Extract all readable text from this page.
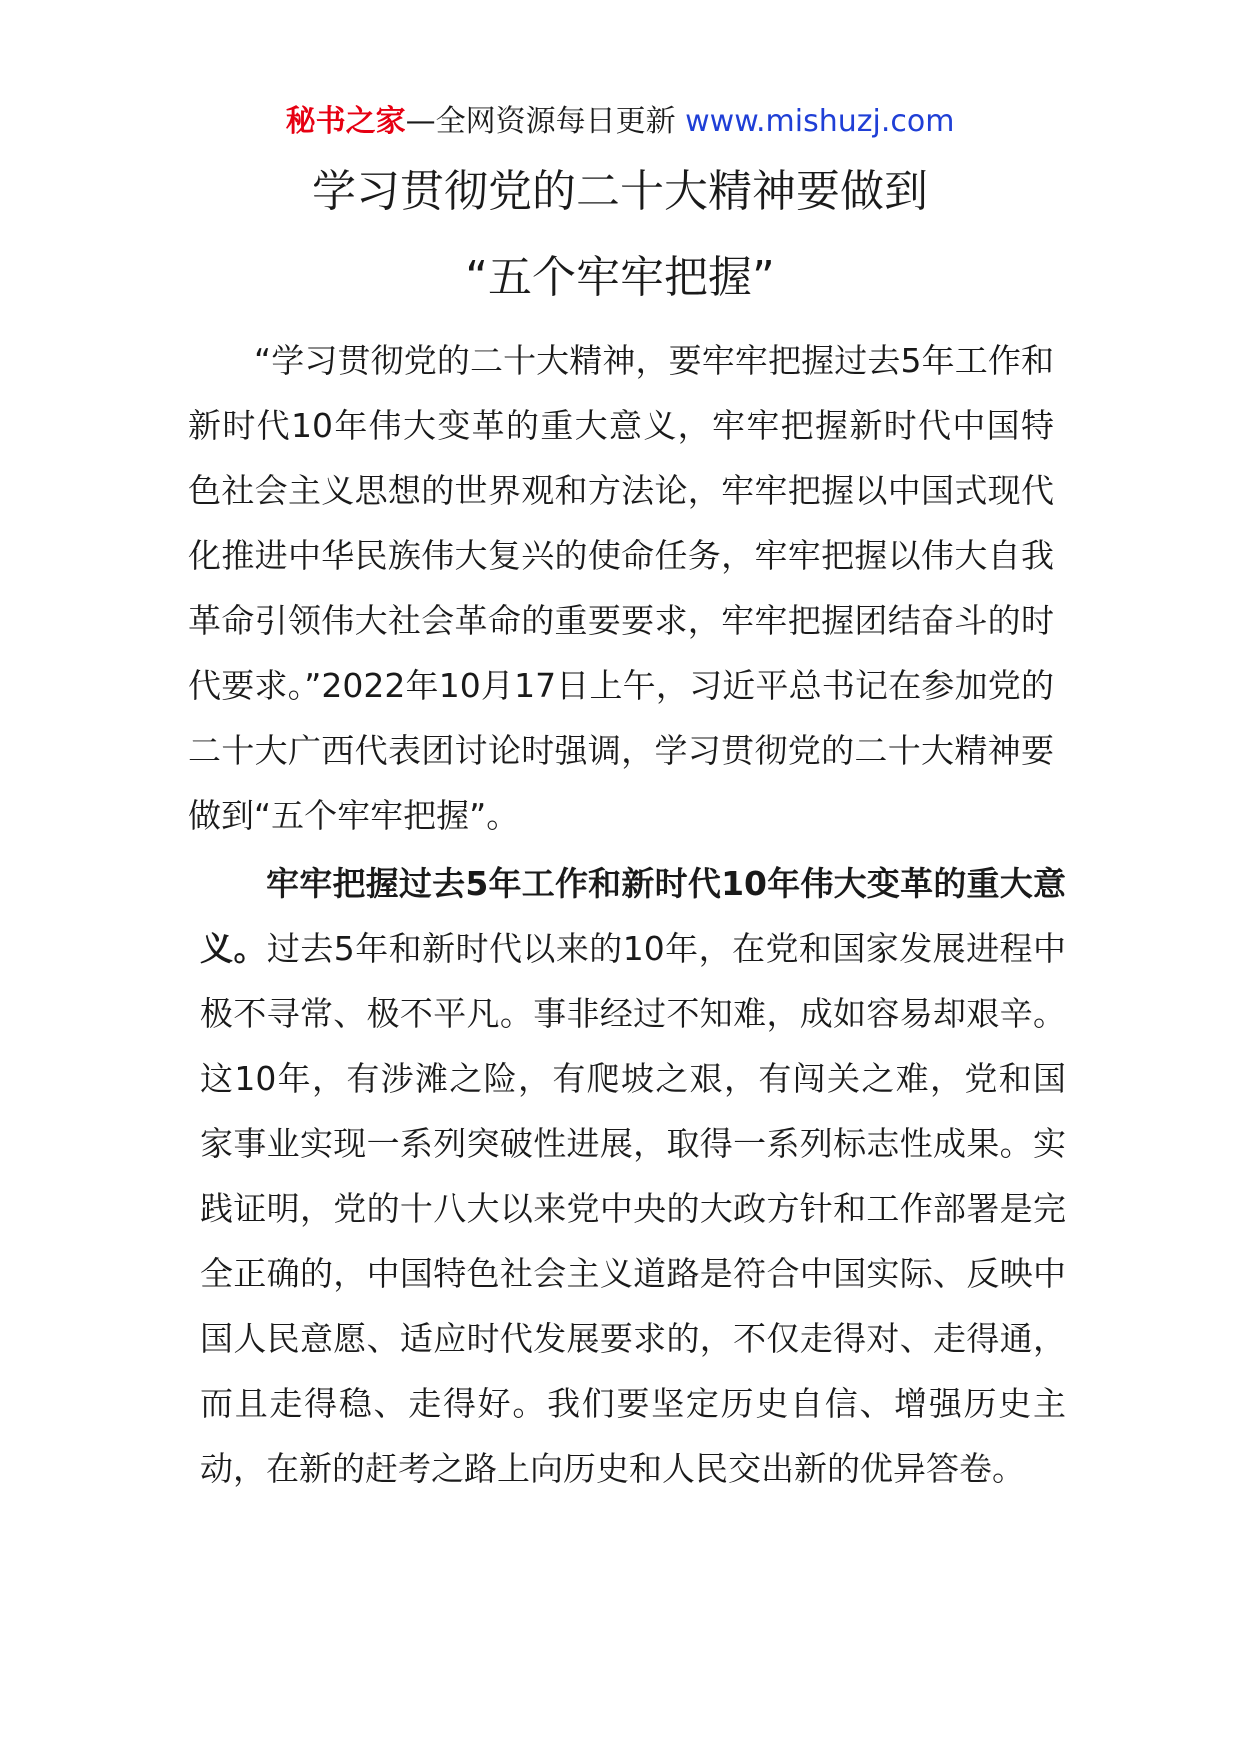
秘书之家—全网资源每日更新 www.mishuzj.com
学习贯彻党的二十大精神要做到
“五个牢牢把握”

“学习贯彻党的二十大精神，要牢牢把握过去5年工作和新时代10年伟大变革的重大意义，牢牢把握新时代中国特色社会主义思想的世界观和方法论，牢牢把握以中国式现代化推进中华民族伟大复兴的使命任务，牢牢把握以伟大自我革命引领伟大社会革命的重要要求，牢牢把握团结奋斗的时代要求。”2022年10月17日上午，习近平总书记在参加党的二十大广西代表团讨论时强调，学习贯彻党的二十大精神要做到“五个牢牢把握”。

牢牢把握过去5年工作和新时代10年伟大变革的重大意义。过去5年和新时代以来的10年，在党和国家发展进程中极不寻常、极不平凡。事非经过不知难，成如容易却艰辛。这10年，有涉滩之险，有爬坡之艰，有闯关之难，党和国家事业实现一系列突破性进展，取得一系列标志性成果。实践证明，党的十八大以来党中央的大政方针和工作部署是完全正确的，中国特色社会主义道路是符合中国实际、反映中国人民意愿、适应时代发展要求的，不仅走得对、走得通，而且走得稳、走得好。我们要坚定历史自信、增强历史主动，在新的赶考之路上向历史和人民交出新的优异答卷。
